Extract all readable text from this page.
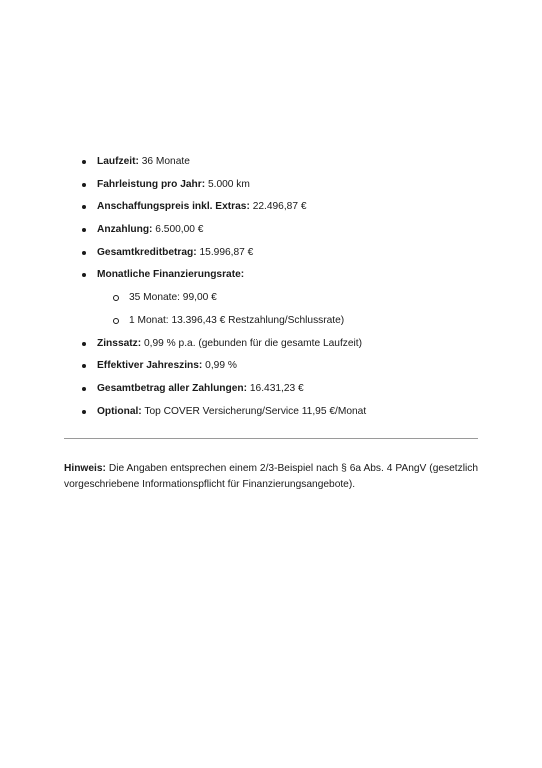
Laufzeit: 36 Monate
Fahrleistung pro Jahr: 5.000 km
Anschaffungspreis inkl. Extras: 22.496,87 €
Anzahlung: 6.500,00 €
Gesamtkreditbetrag: 15.996,87 €
Monatliche Finanzierungsrate:
35 Monate: 99,00 €
1 Monat: 13.396,43 € Restzahlung/Schlussrate)
Zinssatz: 0,99 % p.a. (gebunden für die gesamte Laufzeit)
Effektiver Jahreszins: 0,99 %
Gesamtbetrag aller Zahlungen: 16.431,23 €
Optional: Top COVER Versicherung/Service 11,95 €/Monat

Hinweis: Die Angaben entsprechen einem 2/3-Beispiel nach § 6a Abs. 4 PAngV (gesetzlich vorgeschriebene Informationspflicht für Finanzierungsangebote).
